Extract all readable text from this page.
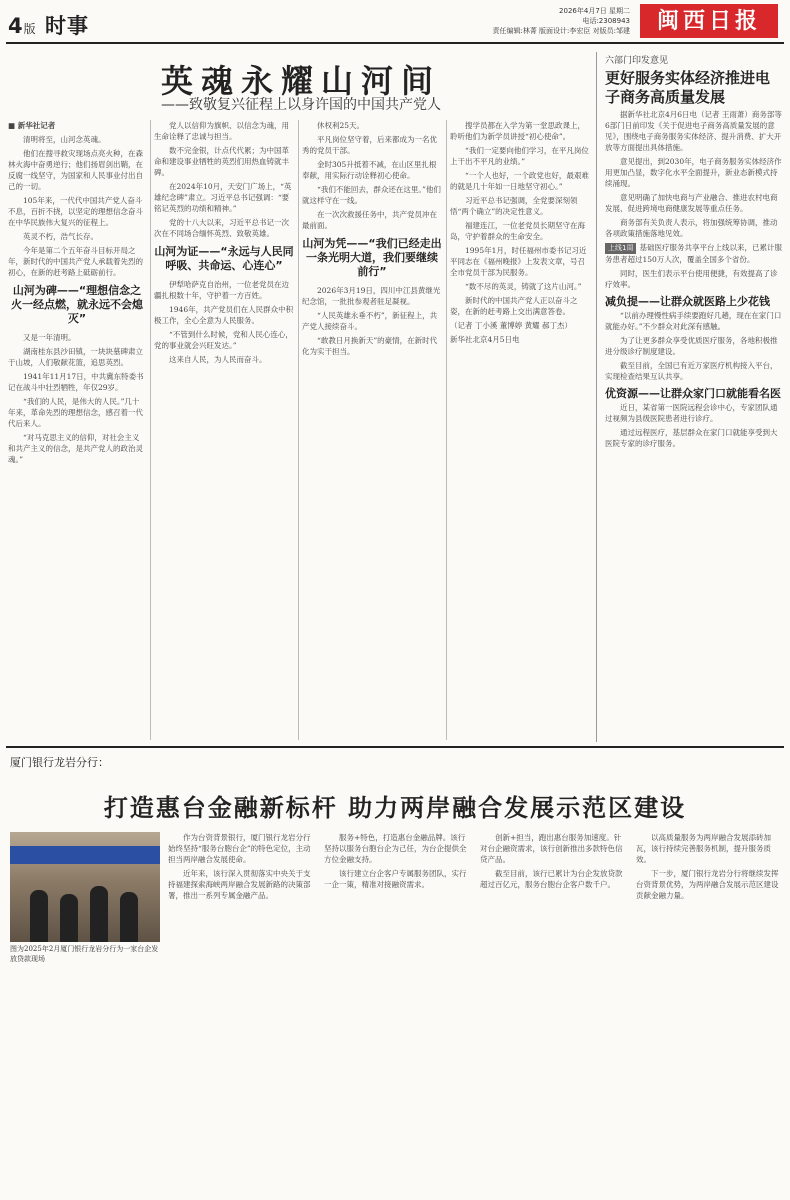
4版 时事
2026年4月7日 星期二
电话:2308943
责任编辑:林菁 版面设计:李宏臣 对版员:邹建	闽西日报
英魂永耀山河间
——致敬复兴征程上以身许国的中国共产党人

■ 新华社记者

清明将至，山河念英魂。

他们在搜寻救灾现场点亮火种，在森林火海中奋勇逆行；他们扬眉剑出鞘，在反腐一线坚守，为国家和人民事业付出自己的一切。

105年来，一代代中国共产党人奋斗不息，百折不挠，以坚定的理想信念奋斗在中华民族伟大复兴的征程上。

英灵不朽，浩气长存。

今年是第二个五年奋斗目标开局之年，新时代的中国共产党人承载着先烈的初心，在新的赶考路上砥砺前行。

山河为碑——“理想信念之火一经点燃，就永远不会熄灭”

又是一年清明。

湖南桂东县沙田镇，一块块墓碑肃立于山坡，人们敬献花篮，追思英烈。

1941年11月17日，中共冀东特委书记在战斗中壮烈牺牲，年仅29岁。

“我们的人民，是伟大的人民。”几十年来，革命先烈的理想信念，感召着一代代后来人。

“对马克思主义的信仰，对社会主义和共产主义的信念，是共产党人的政治灵魂。”

党人以信仰为旗帜、以信念为魂，用生命诠释了忠诚与担当。

数不完金银，计点代代累；为中国革命和建设事业牺牲的英烈们用热血铸就丰碑。

在2024年10月，天安门广场上，“英雄纪念碑”肃立。习近平总书记强调：“要铭记英烈的功绩和精神。”

党的十八大以来，习近平总书记一次次在不同场合缅怀英烈、致敬英雄。

山河为证——“永远与人民同呼吸、共命运、心连心”

伊犁哈萨克自治州，一位老党员在边疆扎根数十年，守护着一方百姓。

1946年，共产党员们在人民群众中积极工作，全心全意为人民服务。

“不管到什么时候，党和人民心连心，党的事业就会兴旺发达。”

这来自人民，为人民而奋斗。

休权利25天。

平凡岗位坚守着，后来都成为一名优秀的党员干部。

金时305升抵着不减，在山区里扎根奉献，用实际行动诠释初心使命。

“我们不能回去，群众还在这里。”他们就这样守在一线。

在一次次救援任务中，共产党员冲在最前面。

山河为凭——“我们已经走出一条光明大道，我们要继续前行”

2026年3月19日，四川中江县黄继光纪念馆，一批批参观者驻足凝视。

“人民英雄永垂不朽”，新征程上，共产党人接续奋斗。

“敢教日月换新天”的豪情，在新时代化为实干担当。

搜学员都在入学为第一堂思政课上，聆听他们为新学员讲授“初心使命”。

“我们一定要向他们学习，在平凡岗位上干出不平凡的业绩。”

“一个人也好，一个政党也好，最艰难的就是几十年如一日地坚守初心。”

习近平总书记强调，全党要深刻领悟“两个确立”的决定性意义。

福建连江，一位老党员长期坚守在海岛，守护着群众的生命安全。

1995年1月，时任福州市委书记习近平同志在《福州晚报》上发表文章，号召全市党员干部为民服务。

“数不尽的英灵，铸就了这片山河。”

新时代的中国共产党人正以奋斗之姿，在新的赶考路上交出满意答卷。

（记者 丁小溪 董博婷 黄耀 郝丁杰）

新华社北京4月5日电

六部门印发意见
更好服务实体经济推进电子商务高质量发展

据新华社北京4月6日电（记者 王雨萧）商务部等6部门日前印发《关于促进电子商务高质量发展的意见》，围绕电子商务服务实体经济、提升消费、扩大开放等方面提出具体措施。

意见提出，到2030年，电子商务服务实体经济作用更加凸显，数字化水平全面提升，新业态新模式持续涌现。

意见明确了加快电商与产业融合、推进农村电商发展、促进跨境电商健康发展等重点任务。

商务部有关负责人表示，将加强统筹协调，推动各项政策措施落地见效。

上线1周 基础医疗服务共享平台上线以来，已累计服务患者超过150万人次，覆盖全国多个省份。

同时，医生们表示平台使用便捷，有效提高了诊疗效率。

减负提——让群众就医路上少花钱

“以前办理慢性病手续要跑好几趟，现在在家门口就能办好。”不少群众对此深有感触。

为了让更多群众享受优质医疗服务，各地积极推进分级诊疗制度建设。

截至目前，全国已有近万家医疗机构接入平台，实现检查结果互认共享。

优资源——让群众家门口就能看名医

近日，某省第一医院远程会诊中心，专家团队通过视频为县级医院患者进行诊疗。

通过远程医疗，基层群众在家门口就能享受到大医院专家的诊疗服务。

厦门银行龙岩分行：
打造惠台金融新标杆 助力两岸融合发展示范区建设
图为2025年2月厦门银行龙岩分行为一家台企发放贷款现场

作为台资背景银行，厦门银行龙岩分行始终坚持“服务台胞台企”的特色定位，主动担当两岸融合发展使命。

近年来，该行深入贯彻落实中央关于支持福建探索海峡两岸融合发展新路的决策部署，推出一系列专属金融产品。

服务+特色，打造惠台金融品牌。该行坚持以服务台胞台企为己任，为台企提供全方位金融支持。

该行建立台企客户专属服务团队，实行一企一策，精准对接融资需求。

创新+担当，跑出惠台服务加速度。针对台企融资需求，该行创新推出多款特色信贷产品。

截至目前，该行已累计为台企发放贷款超过百亿元，服务台胞台企客户数千户。

以高质量服务为两岸融合发展添砖加瓦，该行持续完善服务机制，提升服务质效。

下一步，厦门银行龙岩分行将继续发挥台资背景优势，为两岸融合发展示范区建设贡献金融力量。
